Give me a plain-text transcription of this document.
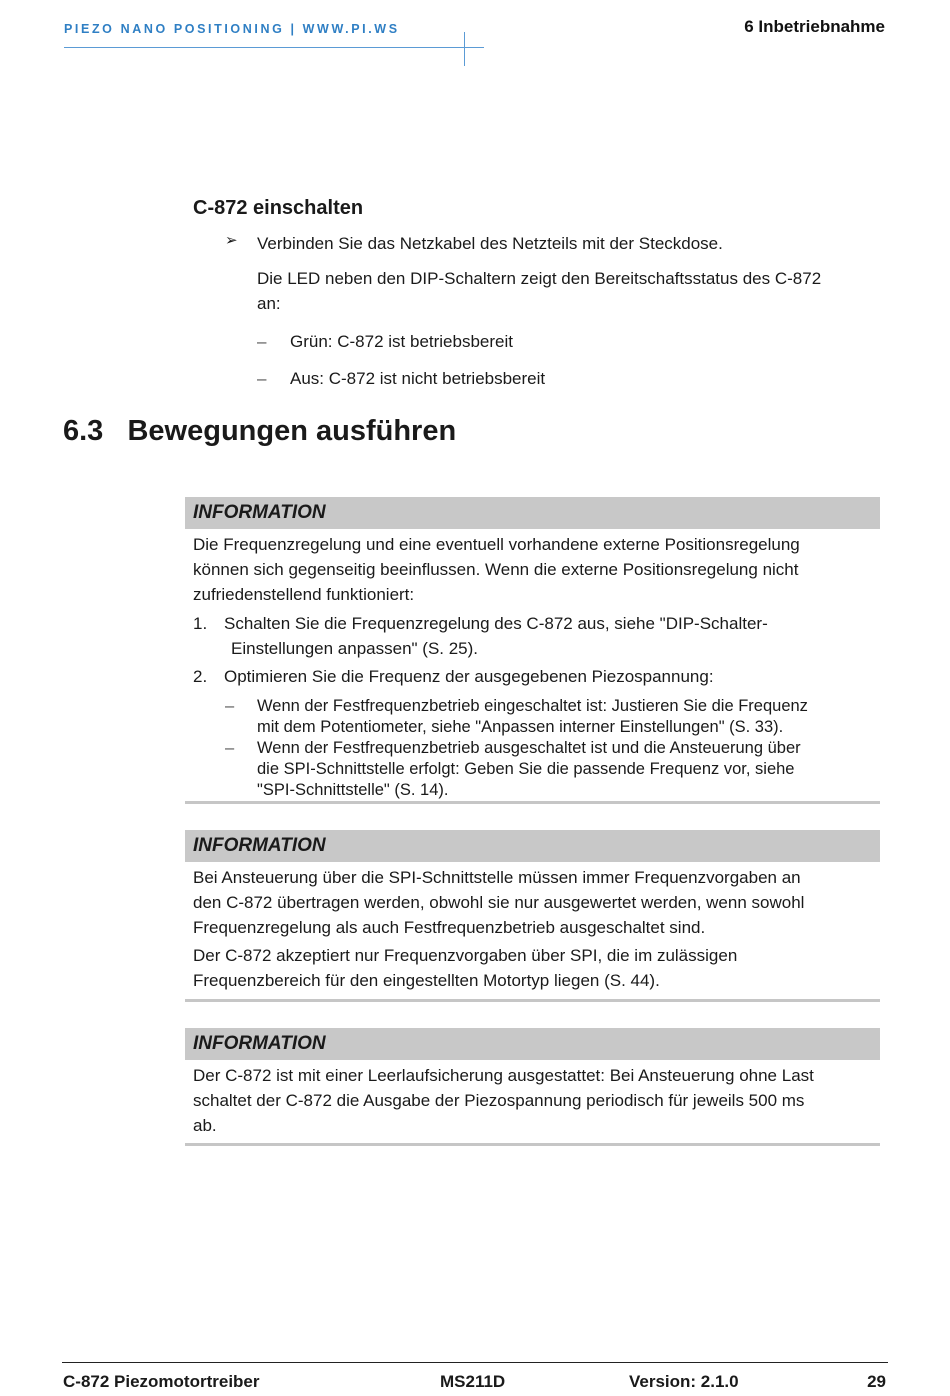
PIEZO NANO POSITIONING | WWW.PI.WS	6 Inbetriebnahme
C-872 einschalten
➢ Verbinden Sie das Netzkabel des Netzteils mit der Steckdose.
Die LED neben den DIP-Schaltern zeigt den Bereitschaftsstatus des C-872
an:
– Grün: C-872 ist betriebsbereit
– Aus: C-872 ist nicht betriebsbereit
6.3   Bewegungen ausführen
INFORMATION
Die Frequenzregelung und eine eventuell vorhandene externe Positionsregelung
können sich gegenseitig beeinflussen. Wenn die externe Positionsregelung nicht
zufriedenstellend funktioniert:
1. Schalten Sie die Frequenzregelung des C-872 aus, siehe "DIP-Schalter-
Einstellungen anpassen" (S. 25).
2. Optimieren Sie die Frequenz der ausgegebenen Piezospannung:
– Wenn der Festfrequenzbetrieb eingeschaltet ist: Justieren Sie die Frequenz
mit dem Potentiometer, siehe "Anpassen interner Einstellungen" (S. 33).
– Wenn der Festfrequenzbetrieb ausgeschaltet ist und die Ansteuerung über
die SPI-Schnittstelle erfolgt: Geben Sie die passende Frequenz vor, siehe
"SPI-Schnittstelle" (S. 14).
INFORMATION
Bei Ansteuerung über die SPI-Schnittstelle müssen immer Frequenzvorgaben an
den C-872 übertragen werden, obwohl sie nur ausgewertet werden, wenn sowohl
Frequenzregelung als auch Festfrequenzbetrieb ausgeschaltet sind.
Der C-872 akzeptiert nur Frequenzvorgaben über SPI, die im zulässigen
Frequenzbereich für den eingestellten Motortyp liegen (S. 44).
INFORMATION
Der C-872 ist mit einer Leerlaufsicherung ausgestattet: Bei Ansteuerung ohne Last
schaltet der C-872 die Ausgabe der Piezospannung periodisch für jeweils 500 ms
ab.
C-872 Piezomotortreiber	MS211D	Version: 2.1.0	29
